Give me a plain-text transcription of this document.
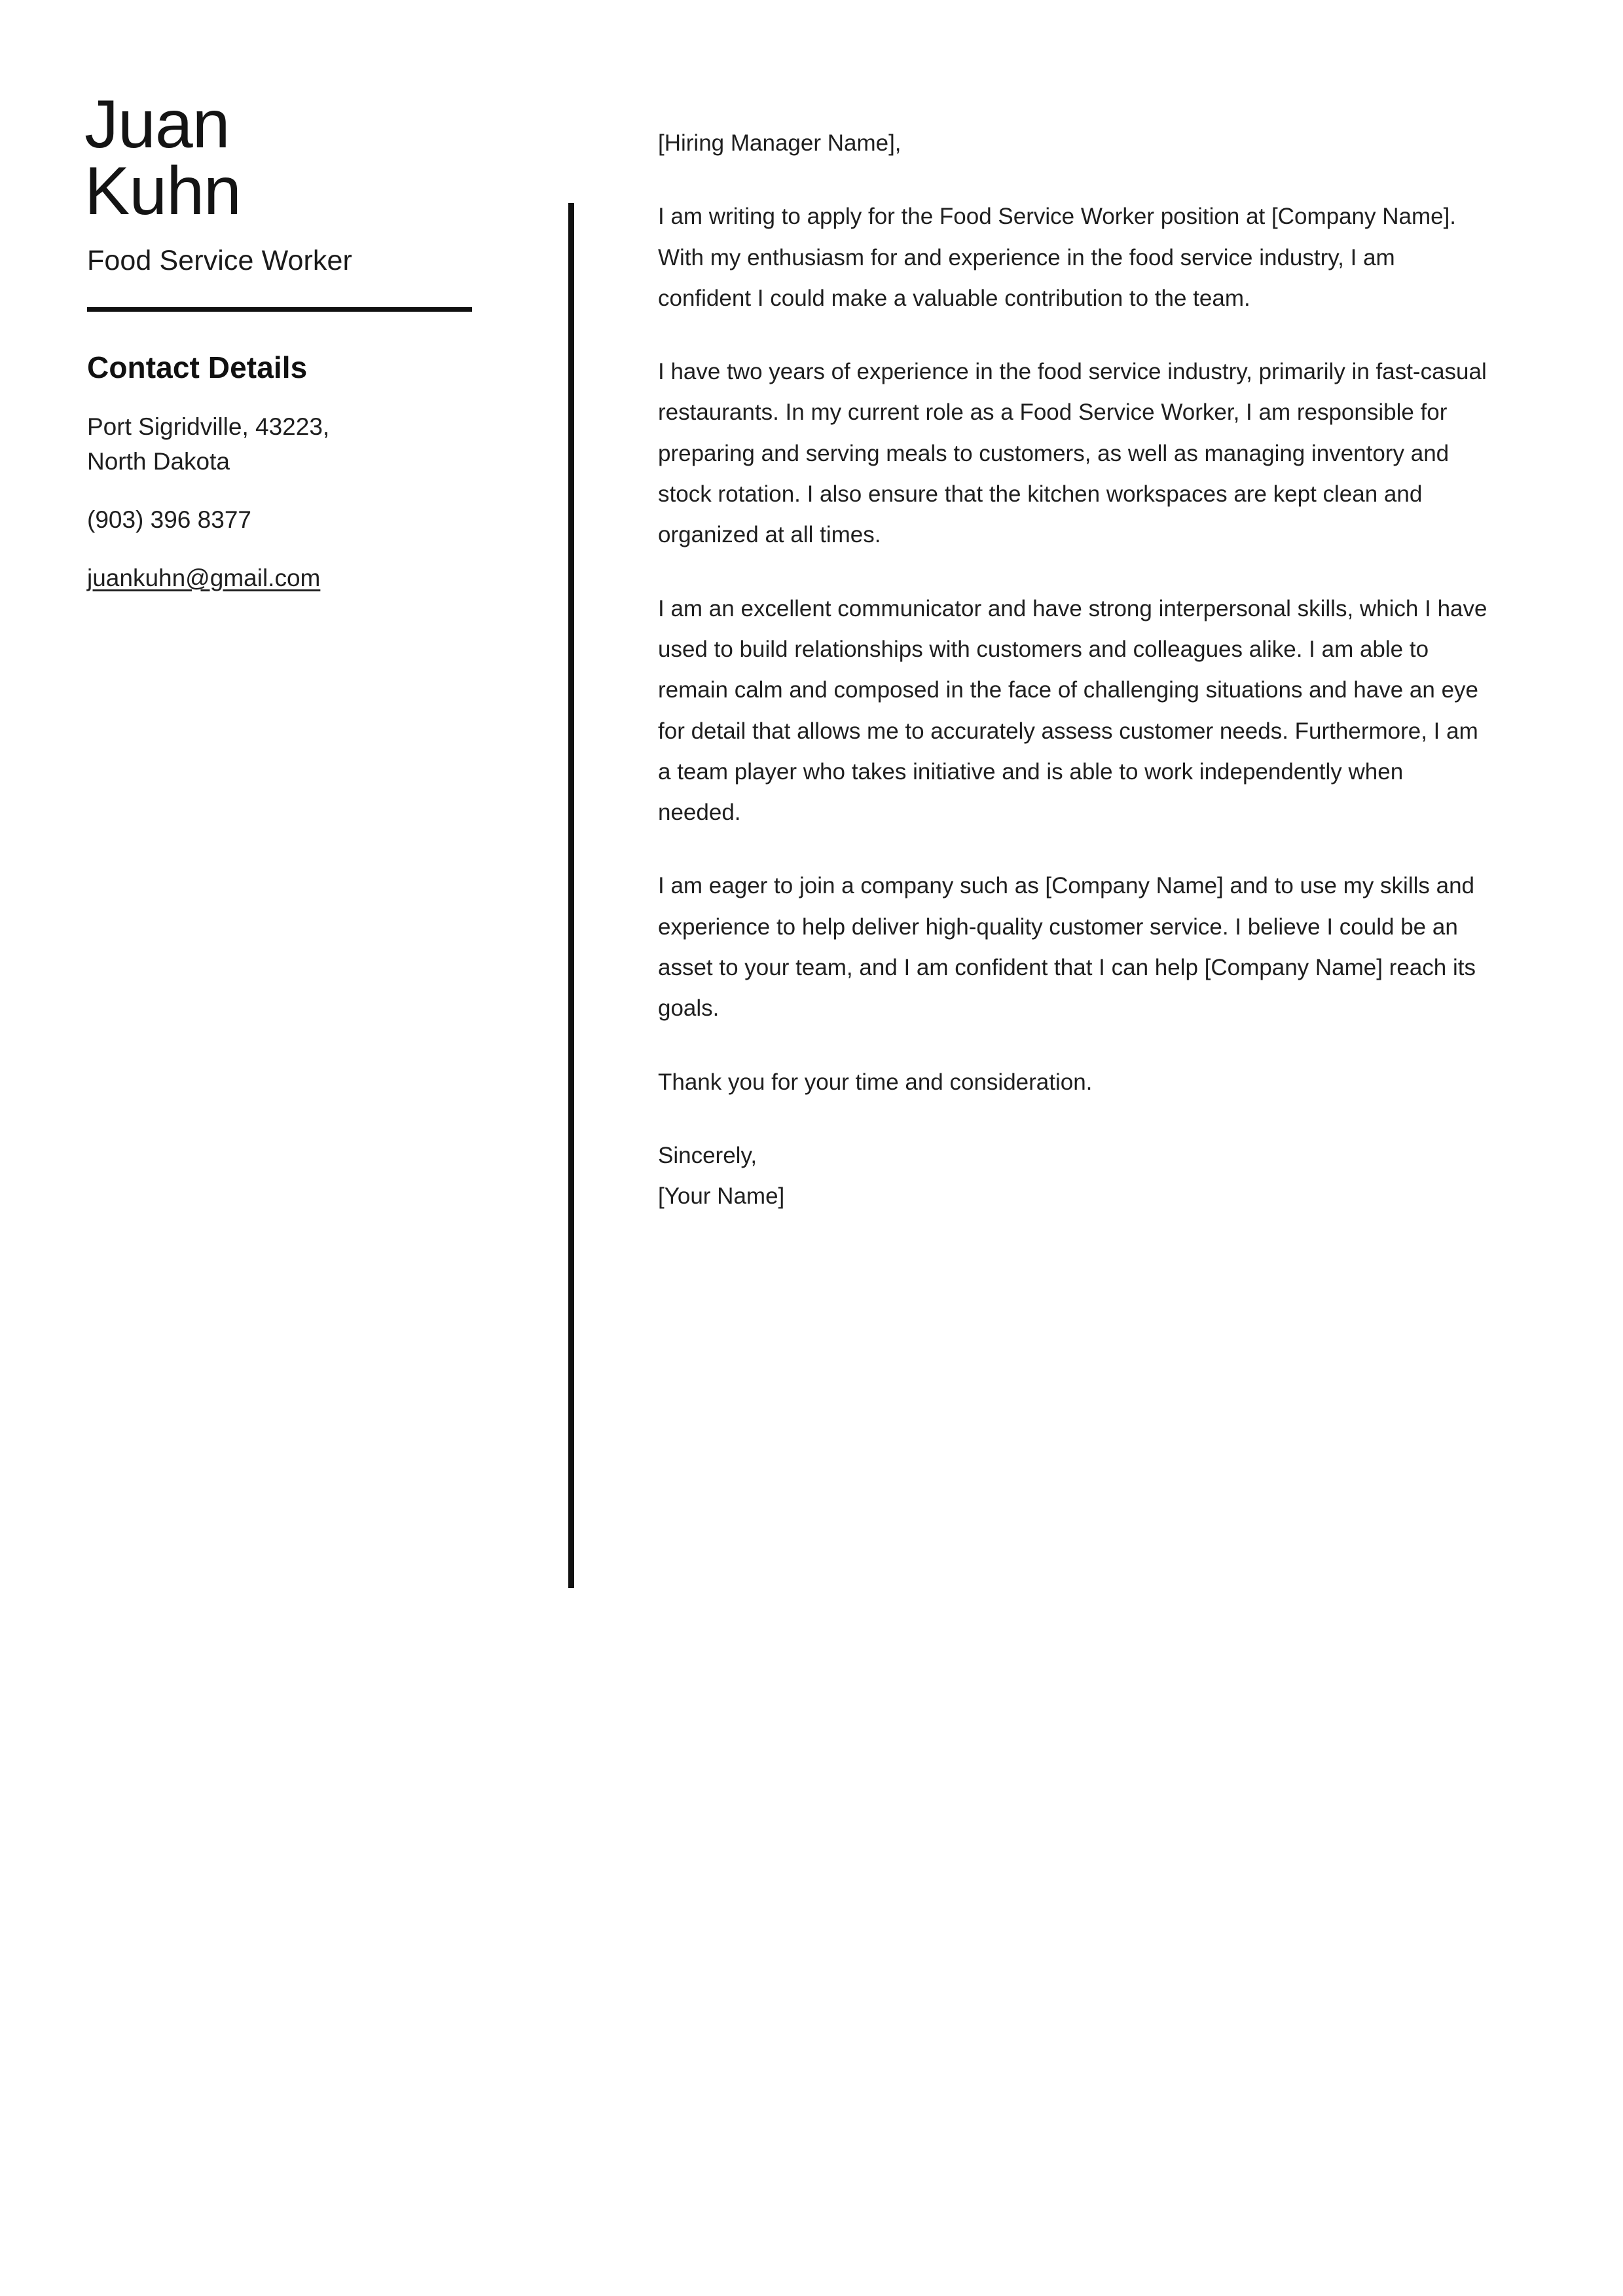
Juan
Kuhn
Food Service Worker
Contact Details
Port Sigridville, 43223,
North Dakota
(903) 396 8377
juankuhn@gmail.com

[Hiring Manager Name],

I am writing to apply for the Food Service Worker position at [Company Name]. With my enthusiasm for and experience in the food service industry, I am confident I could make a valuable contribution to the team.

I have two years of experience in the food service industry, primarily in fast-casual restaurants. In my current role as a Food Service Worker, I am responsible for preparing and serving meals to customers, as well as managing inventory and stock rotation. I also ensure that the kitchen workspaces are kept clean and organized at all times.

I am an excellent communicator and have strong interpersonal skills, which I have used to build relationships with customers and colleagues alike. I am able to remain calm and composed in the face of challenging situations and have an eye for detail that allows me to accurately assess customer needs. Furthermore, I am a team player who takes initiative and is able to work independently when needed.

I am eager to join a company such as [Company Name] and to use my skills and experience to help deliver high-quality customer service. I believe I could be an asset to your team, and I am confident that I can help [Company Name] reach its goals.

Thank you for your time and consideration.

Sincerely,
[Your Name]
